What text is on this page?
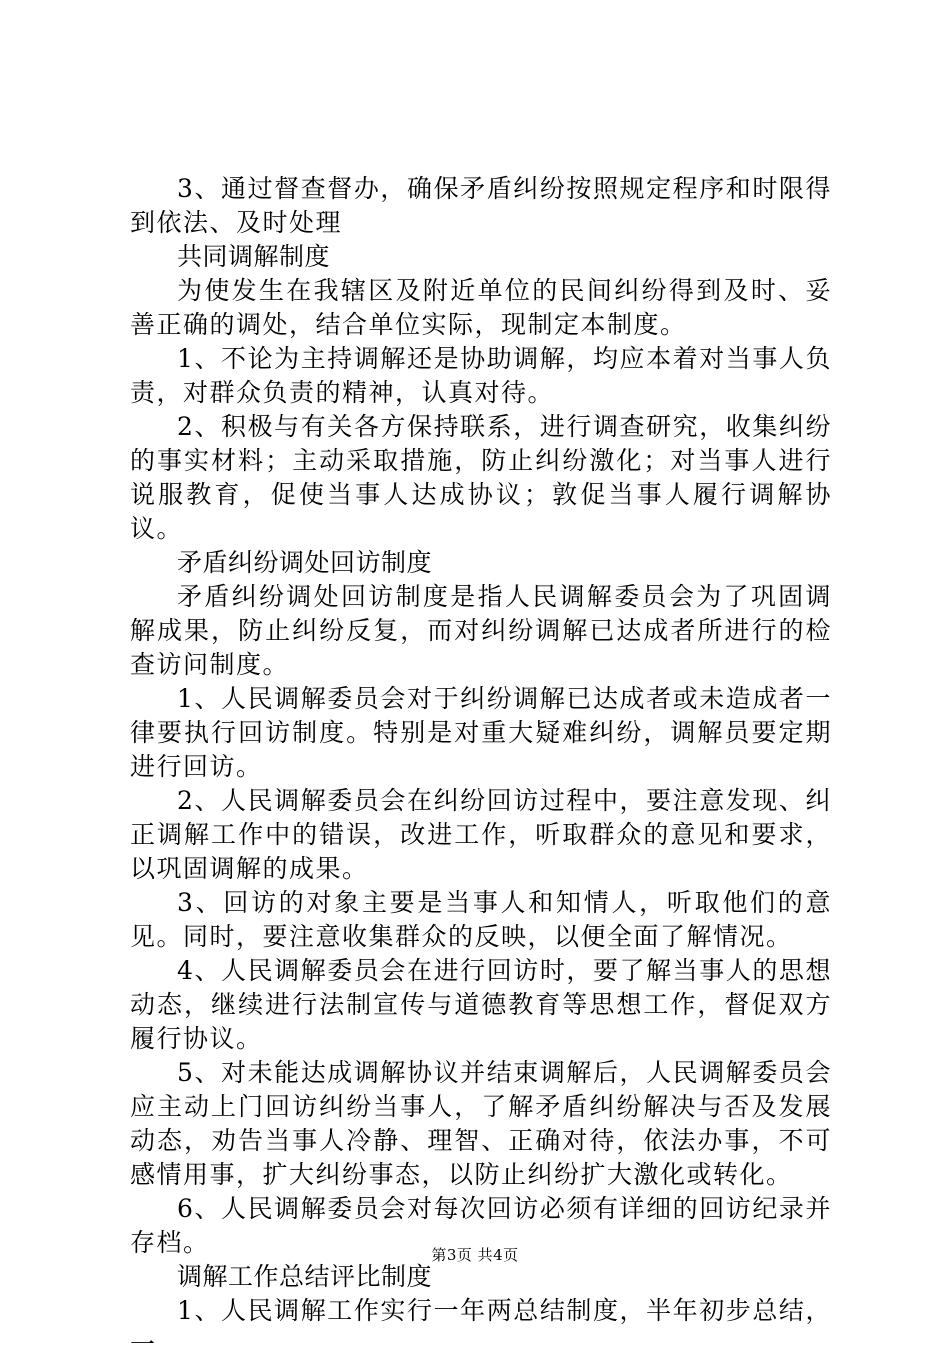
3、通过督查督办，确保矛盾纠纷按照规定程序和时限得到依法、及时处理

共同调解制度

为使发生在我辖区及附近单位的民间纠纷得到及时、妥善正确的调处，结合单位实际，现制定本制度。

1、不论为主持调解还是协助调解，均应本着对当事人负责，对群众负责的精神，认真对待。

2、积极与有关各方保持联系，进行调查研究，收集纠纷的事实材料；主动采取措施，防止纠纷激化；对当事人进行说服教育，促使当事人达成协议；敦促当事人履行调解协议。

矛盾纠纷调处回访制度

矛盾纠纷调处回访制度是指人民调解委员会为了巩固调解成果，防止纠纷反复，而对纠纷调解已达成者所进行的检查访问制度。

1、人民调解委员会对于纠纷调解已达成者或未造成者一律要执行回访制度。特别是对重大疑难纠纷，调解员要定期进行回访。

2、人民调解委员会在纠纷回访过程中，要注意发现、纠正调解工作中的错误，改进工作，听取群众的意见和要求，以巩固调解的成果。

3、回访的对象主要是当事人和知情人，听取他们的意见。同时，要注意收集群众的反映，以便全面了解情况。

4、人民调解委员会在进行回访时，要了解当事人的思想动态，继续进行法制宣传与道德教育等思想工作，督促双方履行协议。

5、对未能达成调解协议并结束调解后，人民调解委员会应主动上门回访纠纷当事人，了解矛盾纠纷解决与否及发展动态，劝告当事人冷静、理智、正确对待，依法办事，不可感情用事，扩大纠纷事态，以防止纠纷扩大激化或转化。

6、人民调解委员会对每次回访必须有详细的回访纪录并存档。

调解工作总结评比制度

1、人民调解工作实行一年两总结制度，半年初步总结，一

第3页 共4页
